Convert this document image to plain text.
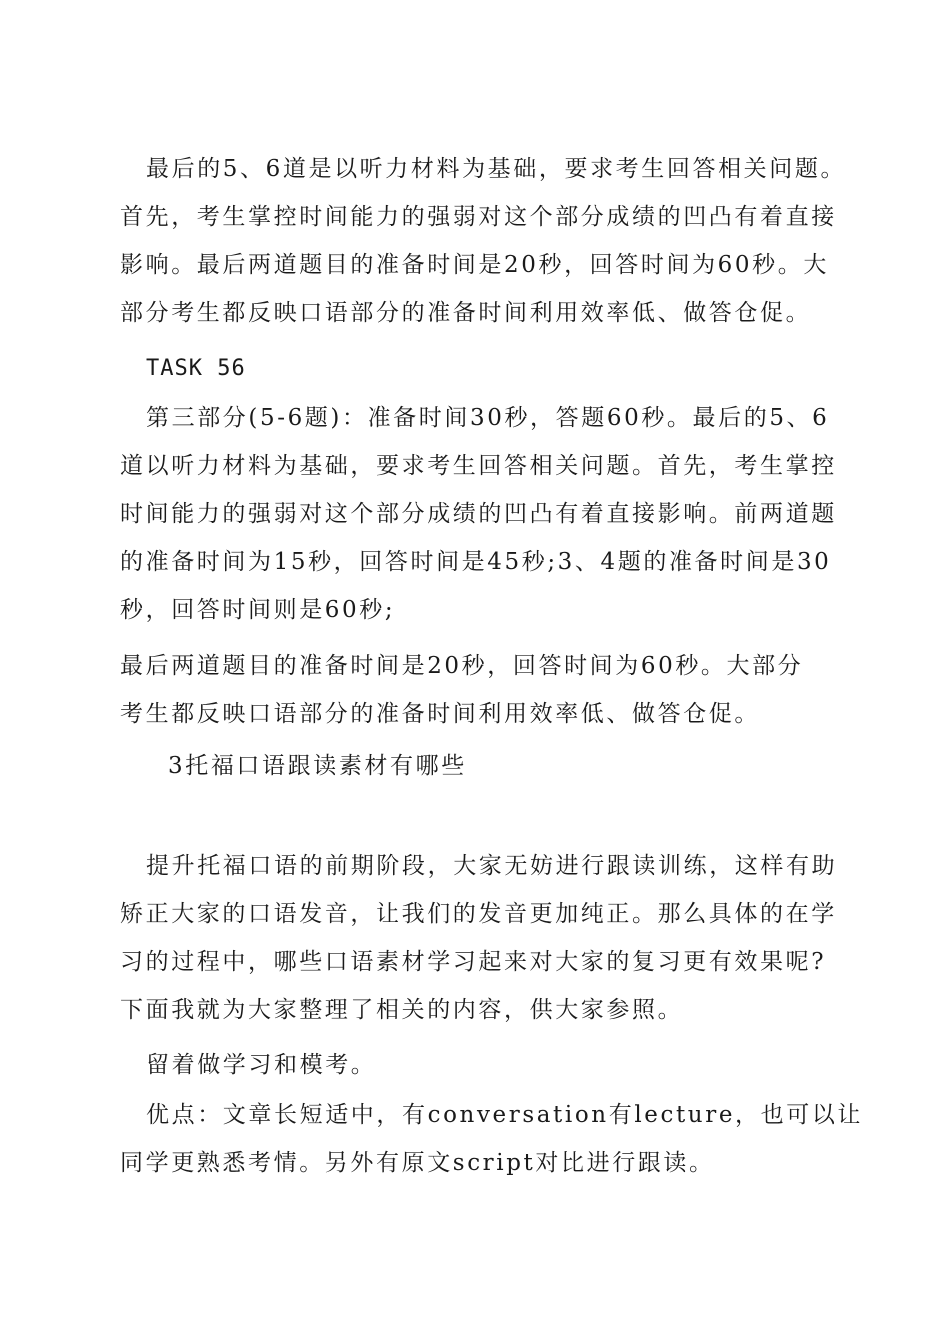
最后的5、6道是以听力材料为基础，要求考生回答相关问题。
首先，考生掌控时间能力的强弱对这个部分成绩的凹凸有着直接
影响。最后两道题目的准备时间是20秒，回答时间为60秒。大
部分考生都反映口语部分的准备时间利用效率低、做答仓促。

TASK 56

第三部分(5-6题)：准备时间30秒，答题60秒。最后的5、6
道以听力材料为基础，要求考生回答相关问题。首先，考生掌控
时间能力的强弱对这个部分成绩的凹凸有着直接影响。前两道题
的准备时间为15秒，回答时间是45秒;3、4题的准备时间是30
秒，回答时间则是60秒;

最后两道题目的准备时间是20秒，回答时间为60秒。大部分
考生都反映口语部分的准备时间利用效率低、做答仓促。

3托福口语跟读素材有哪些

提升托福口语的前期阶段，大家无妨进行跟读训练，这样有助
矫正大家的口语发音，让我们的发音更加纯正。那么具体的在学
习的过程中，哪些口语素材学习起来对大家的复习更有效果呢?
下面我就为大家整理了相关的内容，供大家参照。

留着做学习和模考。

优点：文章长短适中，有conversation有lecture，也可以让
同学更熟悉考情。另外有原文script对比进行跟读。
